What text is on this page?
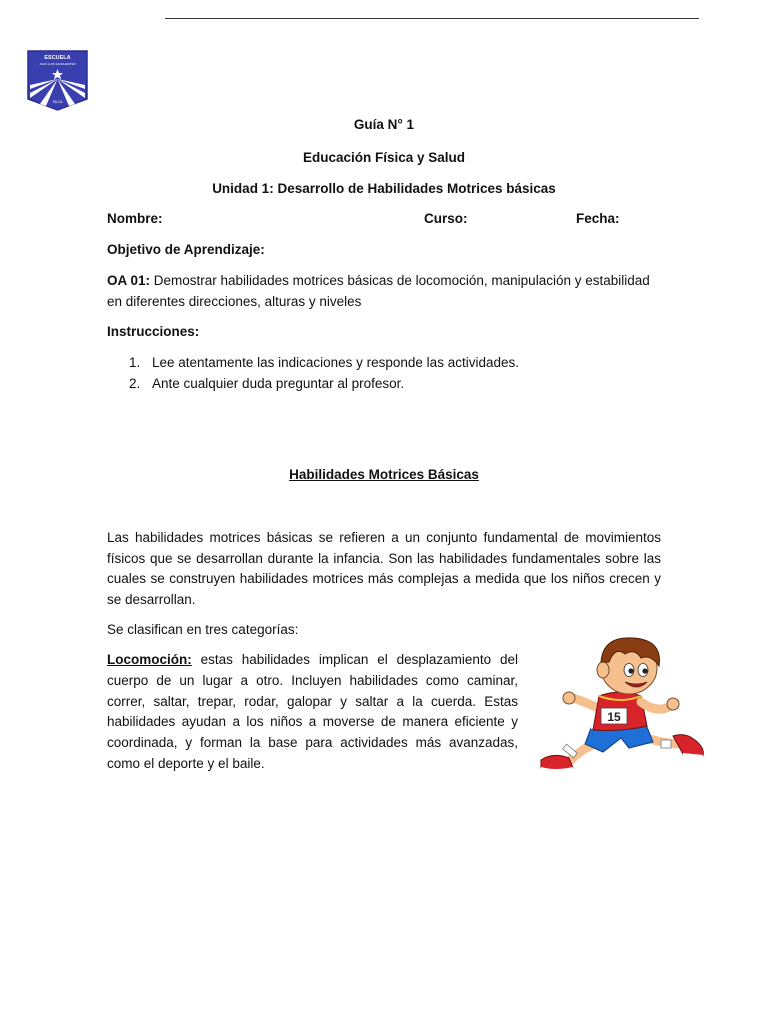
ESCUELA
JUAN LUIS SANFUENTES
TALCA
Guía N° 1
Educación Física y Salud
Unidad 1: Desarrollo de Habilidades Motrices básicas
Nombre:	Curso:	Fecha:
Objetivo de Aprendizaje:
OA 01: Demostrar habilidades motrices básicas de locomoción, manipulación y estabilidad en diferentes direcciones, alturas y niveles
Instrucciones:
1. Lee atentamente las indicaciones y responde las actividades.
2. Ante cualquier duda preguntar al profesor.
Habilidades Motrices Básicas
Las habilidades motrices básicas se refieren a un conjunto fundamental de movimientos físicos que se desarrollan durante la infancia. Son las habilidades fundamentales sobre las cuales se construyen habilidades motrices más complejas a medida que los niños crecen y se desarrollan.
Se clasifican en tres categorías:
Locomoción: estas habilidades implican el desplazamiento del cuerpo de un lugar a otro. Incluyen habilidades como caminar, correr, saltar, trepar, rodar, galopar y saltar a la cuerda. Estas habilidades ayudan a los niños a moverse de manera eficiente y coordinada, y forman la base para actividades más avanzadas, como el deporte y el baile.
15
